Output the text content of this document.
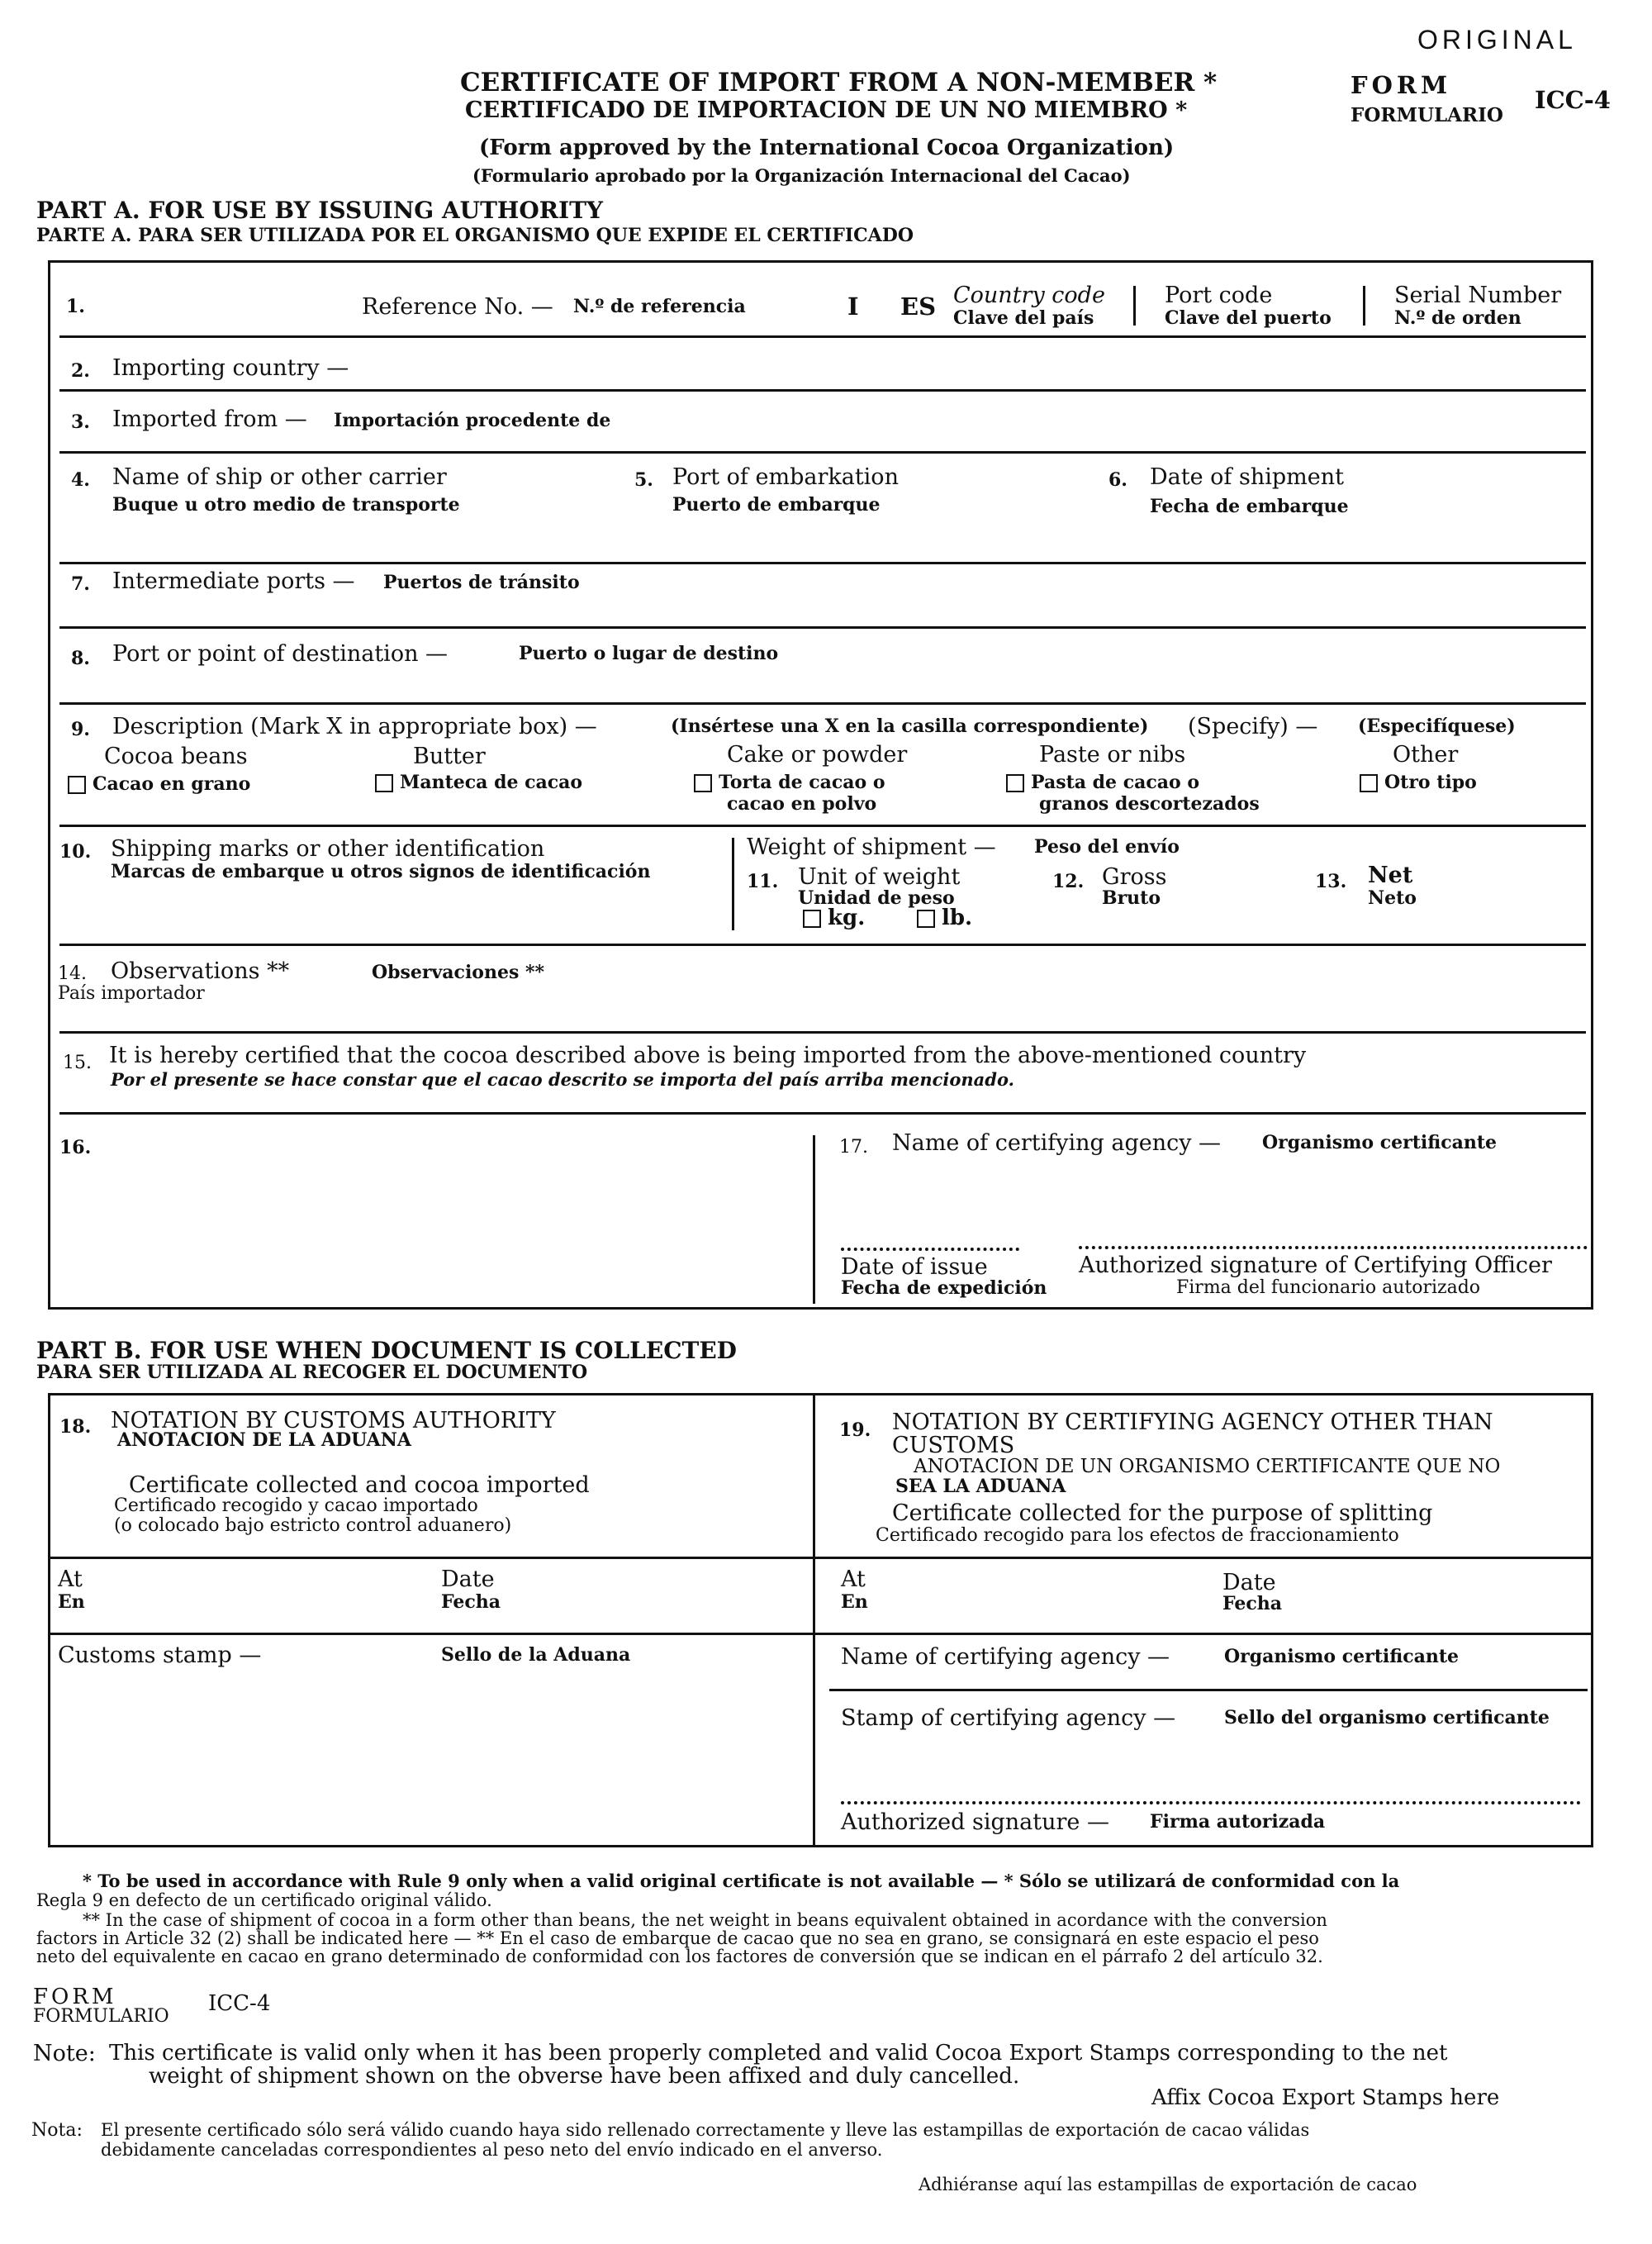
ORIGINAL
CERTIFICATE OF IMPORT FROM A NON-MEMBER *
CERTIFICADO DE IMPORTACION DE UN NO MIEMBRO *
(Form approved by the International Cocoa Organization)
(Formulario aprobado por la Organización Internacional del Cacao)
FORM
FORMULARIO
ICC-4
PART A. FOR USE BY ISSUING AUTHORITY
PARTE A. PARA SER UTILIZADA POR EL ORGANISMO QUE EXPIDE EL CERTIFICADO
1.	Reference No. — N.º de referencia	I ES Country code
Clave del país
Port code
Clave del puerto
Serial Number
N.º de orden
2. Importing country —
3. Imported from — Importación procedente de
4. Name of ship or other carrier
Buque u otro medio de transporte
5. Port of embarkation
Puerto de embarque
6. Date of shipment
Fecha de embarque
7. Intermediate ports — Puertos de tránsito
8. Port or point of destination —	Puerto o lugar de destino
9. Description (Mark X in appropriate box) —	(Insértese una X en la casilla correspondiente) (Specify) — (Especifíquese)
Cocoa beans
Cacao en grano
Butter
Manteca de cacao
Cake or powder
Torta de cacao o
cacao en polvo
Paste or nibs
Pasta de cacao o
granos descortezados
Other
Otro tipo
10. Shipping marks or other identification
Marcas de embarque u otros signos de identificación
Weight of shipment — Peso del envío
11. Unit of weight
Unidad de peso
kg.	lb.
12. Gross
Bruto
13. Net
Neto
14. Observations **	Observaciones **
País importador
15. It is hereby certified that the cocoa described above is being imported from the above-mentioned country
Por el presente se hace constar que el cacao descrito se importa del país arriba mencionado.
16.	17. Name of certifying agency — Organismo certificante
Date of issue
Fecha de expedición
Authorized signature of Certifying Officer
Firma del funcionario autorizado
PART B. FOR USE WHEN DOCUMENT IS COLLECTED
PARA SER UTILIZADA AL RECOGER EL DOCUMENTO
18. NOTATION BY CUSTOMS AUTHORITY
ANOTACION DE LA ADUANA
Certificate collected and cocoa imported
Certificado recogido y cacao importado
(o colocado bajo estricto control aduanero)
At
En
Date
Fecha
Customs stamp —	Sello de la Aduana
19. NOTATION BY CERTIFYING AGENCY OTHER THAN
CUSTOMS
ANOTACION DE UN ORGANISMO CERTIFICANTE QUE NO
SEA LA ADUANA
Certificate collected for the purpose of splitting
Certificado recogido para los efectos de fraccionamiento
At
En
Date
Fecha
Name of certifying agency —	Organismo certificante
Stamp of certifying agency —	Sello del organismo certificante
Authorized signature — Firma autorizada
* To be used in accordance with Rule 9 only when a valid original certificate is not available — * Sólo se utilizará de conformidad con la
Regla 9 en defecto de un certificado original válido.
** In the case of shipment of cocoa in a form other than beans, the net weight in beans equivalent obtained in acordance with the conversion
factors in Article 32 (2) shall be indicated here — ** En el caso de embarque de cacao que no sea en grano, se consignará en este espacio el peso
neto del equivalente en cacao en grano determinado de conformidad con los factores de conversión que se indican en el párrafo 2 del artículo 32.
FORM
FORMULARIO
ICC-4
Note: This certificate is valid only when it has been properly completed and valid Cocoa Export Stamps corresponding to the net
weight of shipment shown on the obverse have been affixed and duly cancelled.
Affix Cocoa Export Stamps here
Nota: El presente certificado sólo será válido cuando haya sido rellenado correctamente y lleve las estampillas de exportación de cacao válidas
debidamente canceladas correspondientes al peso neto del envío indicado en el anverso.
Adhiéranse aquí las estampillas de exportación de cacao
